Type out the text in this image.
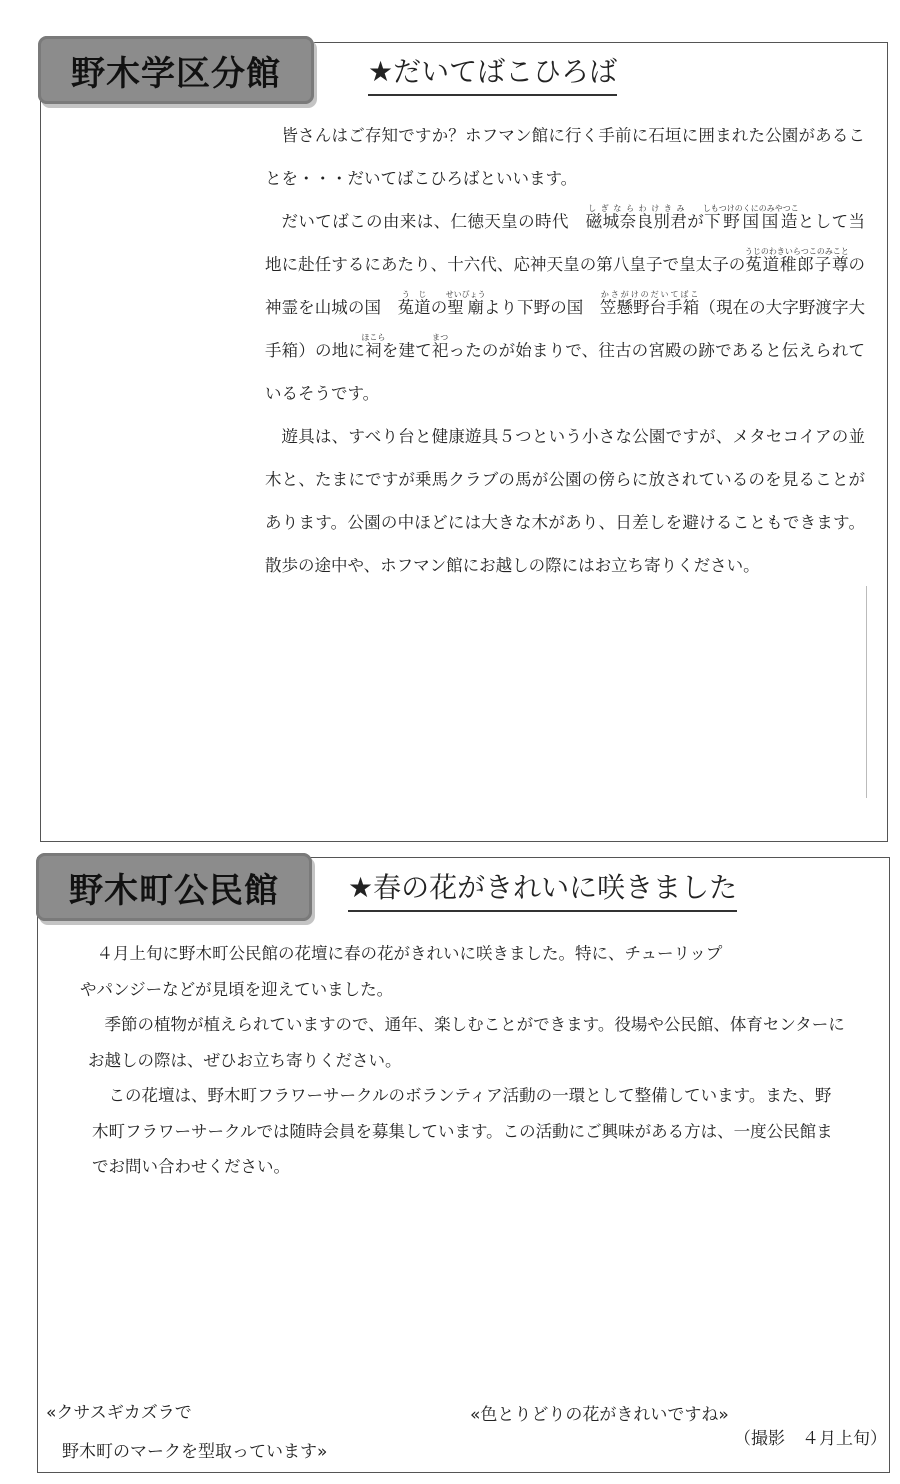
野木学区分館	★だいてばこひろば

皆さんはご存知ですか？ホフマン館に行く手前に石垣に囲まれた公園があることを・・・だいてばこひろばといいます。

だいてばこの由来は、仁徳天皇の時代　磁城奈良別君しぎならわけきみが下野国国造しもつけのくにのみやつことして当地に赴任するにあたり、十六代、応神天皇の第八皇子で皇太子の菟道稚郎子尊うじのわきいらつこのみことの神霊を山城の国　菟道うじの聖廟せいびょうより下野の国　笠懸野台手箱かさがけのだいてばこ（現在の大字野渡字大手箱）の地に祠ほこらを建て祀まつったのが始まりで、往古の宮殿の跡であると伝えられているそうです。

遊具は、すべり台と健康遊具５つという小さな公園ですが、メタセコイアの並木と、たまにですが乗馬クラブの馬が公園の傍らに放されているのを見ることがあります。公園の中ほどには大きな木があり、日差しを避けることもできます。散歩の途中や、ホフマン館にお越しの際にはお立ち寄りください。

野木町公民館	★春の花がきれいに咲きました

４月上旬に野木町公民館の花壇に春の花がきれいに咲きました。特に、チューリップやパンジーなどが見頃を迎えていました。

季節の植物が植えられていますので、通年、楽しむことができます。役場や公民館、体育センターにお越しの際は、ぜひお立ち寄りください。

この花壇は、野木町フラワーサークルのボランティア活動の一環として整備しています。また、野木町フラワーサークルでは随時会員を募集しています。この活動にご興味がある方は、一度公民館までお問い合わせください。

«クサスギカズラで
野木町のマークを型取っています»
«色とりどりの花がきれいですね»
（撮影　４月上旬）
